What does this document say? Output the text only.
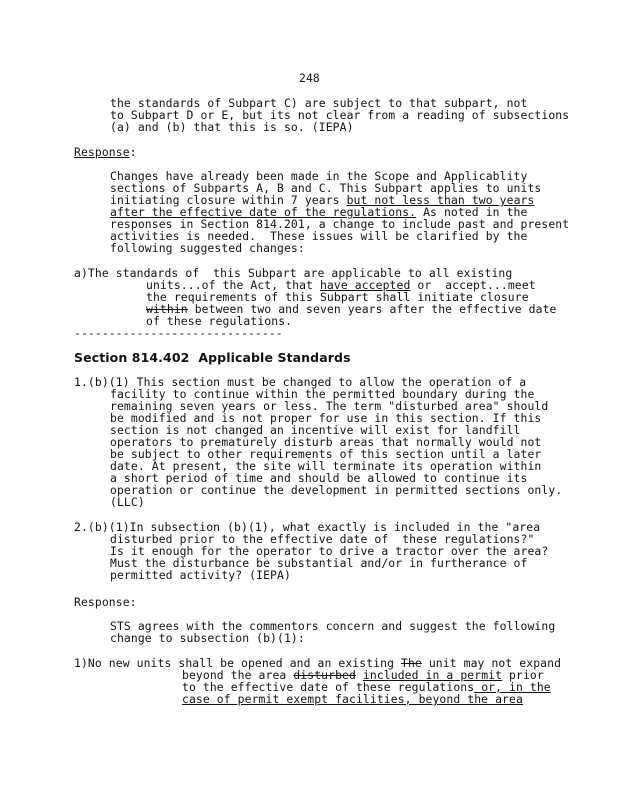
248
the standards of Subpart C) are subject to that subpart, not
to Subpart D or E, but its not clear from a reading of subsections
(a) and (b) that this is so. (IEPA)
Response:
Changes have already been made in the Scope and Applicablity
sections of Subparts A, B and C. This Subpart applies to units
initiating closure within 7 years but not less than two years
after the effective date of the regulations. As noted in the
responses in Section 814.201, a change to include past and present
activities is needed.  These issues will be clarified by the
following suggested changes:
a)The standards of  this Subpart are applicable to all existing
units...of the Act, that have accepted or  accept...meet
the requirements of this Subpart shall initiate closure
within between two and seven years after the effective date
of these regulations.
------------------------------
Section 814.402  Applicable Standards
1.(b)(1) This section must be changed to allow the operation of a
facility to continue within the permitted boundary during the
remaining seven years or less. The term "disturbed area" should
be modified and is not proper for use in this section. If this
section is not changed an incentive will exist for landfill
operators to prematurely disturb areas that normally would not
be subject to other requirements of this section until a later
date. At present, the site will terminate its operation within
a short period of time and should be allowed to continue its
operation or continue the development in permitted sections only.
(LLC)
2.(b)(1)In subsection (b)(1), what exactly is included in the "area
disturbed prior to the effective date of  these regulations?"
Is it enough for the operator to drive a tractor over the area?
Must the disturbance be substantial and/or in furtherance of
permitted activity? (IEPA)
Response:
STS agrees with the commentors concern and suggest the following
change to subsection (b)(1):
1)No new units shall be opened and an existing The unit may not expand
beyond the area disturbed included in a permit prior
to the effective date of these regulations or, in the
case of permit exempt facilities, beyond the area
